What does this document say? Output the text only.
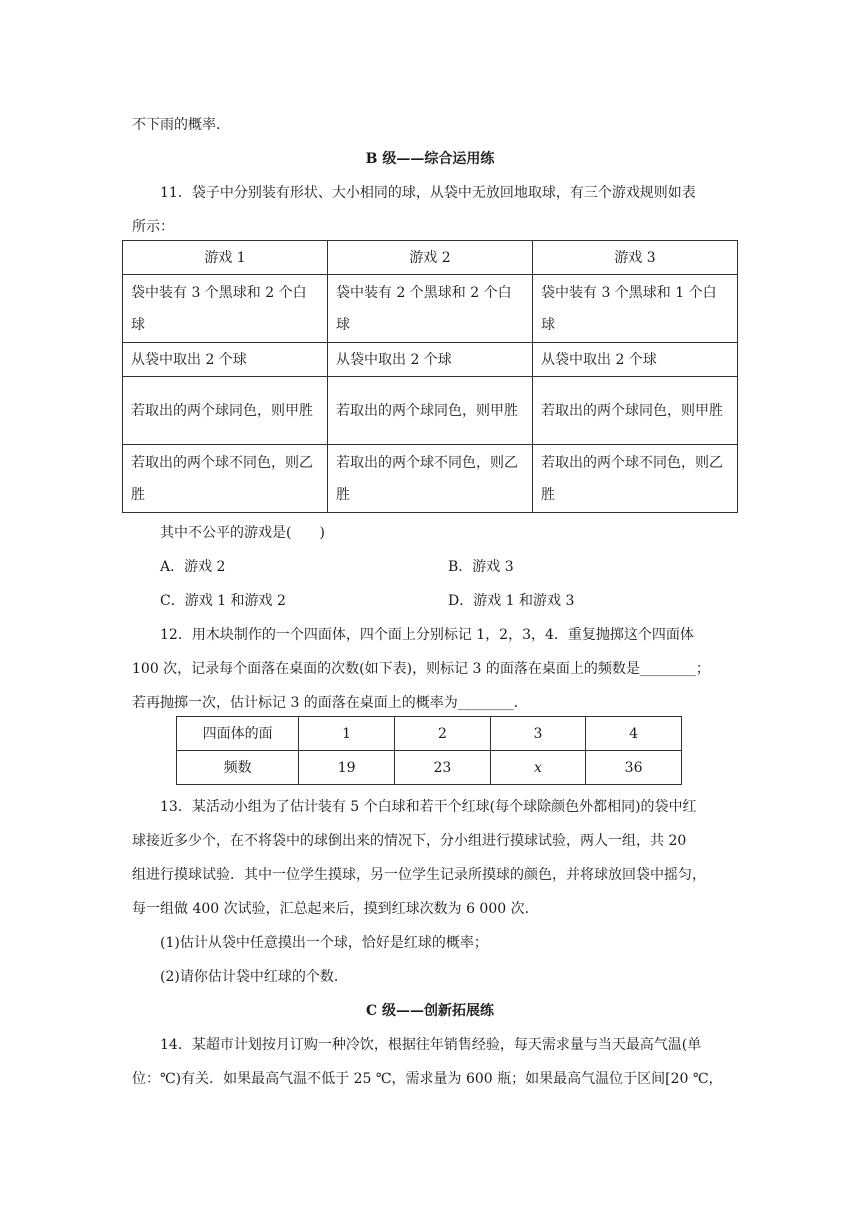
不下雨的概率．
B 级——综合运用练
11．袋子中分别装有形状、大小相同的球，从袋中无放回地取球，有三个游戏规则如表
所示：
游戏 1	游戏 2	游戏 3
袋中装有 3 个黑球和 2 个白球	袋中装有 2 个黑球和 2 个白球	袋中装有 3 个黑球和 1 个白球
从袋中取出 2 个球	从袋中取出 2 个球	从袋中取出 2 个球
若取出的两个球同色，则甲胜	若取出的两个球同色，则甲胜	若取出的两个球同色，则甲胜
若取出的两个球不同色，则乙胜	若取出的两个球不同色，则乙胜	若取出的两个球不同色，则乙胜
其中不公平的游戏是(　　)
A．游戏 2	B．游戏 3
C．游戏 1 和游戏 2	D．游戏 1 和游戏 3
12．用木块制作的一个四面体，四个面上分别标记 1，2，3，4．重复抛掷这个四面体
100 次，记录每个面落在桌面的次数(如下表)，则标记 3 的面落在桌面上的频数是________；
若再抛掷一次，估计标记 3 的面落在桌面上的概率为________．
四面体的面	1	2	3	4
频数	19	23	x	36
13．某活动小组为了估计装有 5 个白球和若干个红球(每个球除颜色外都相同)的袋中红
球接近多少个，在不将袋中的球倒出来的情况下，分小组进行摸球试验，两人一组，共 20
组进行摸球试验．其中一位学生摸球，另一位学生记录所摸球的颜色，并将球放回袋中摇匀，
每一组做 400 次试验，汇总起来后，摸到红球次数为 6 000 次．
(1)估计从袋中任意摸出一个球，恰好是红球的概率；
(2)请你估计袋中红球的个数．
C 级——创新拓展练
14．某超市计划按月订购一种冷饮，根据往年销售经验，每天需求量与当天最高气温(单
位：℃)有关．如果最高气温不低于 25 ℃，需求量为 600 瓶；如果最高气温位于区间[20 ℃，
